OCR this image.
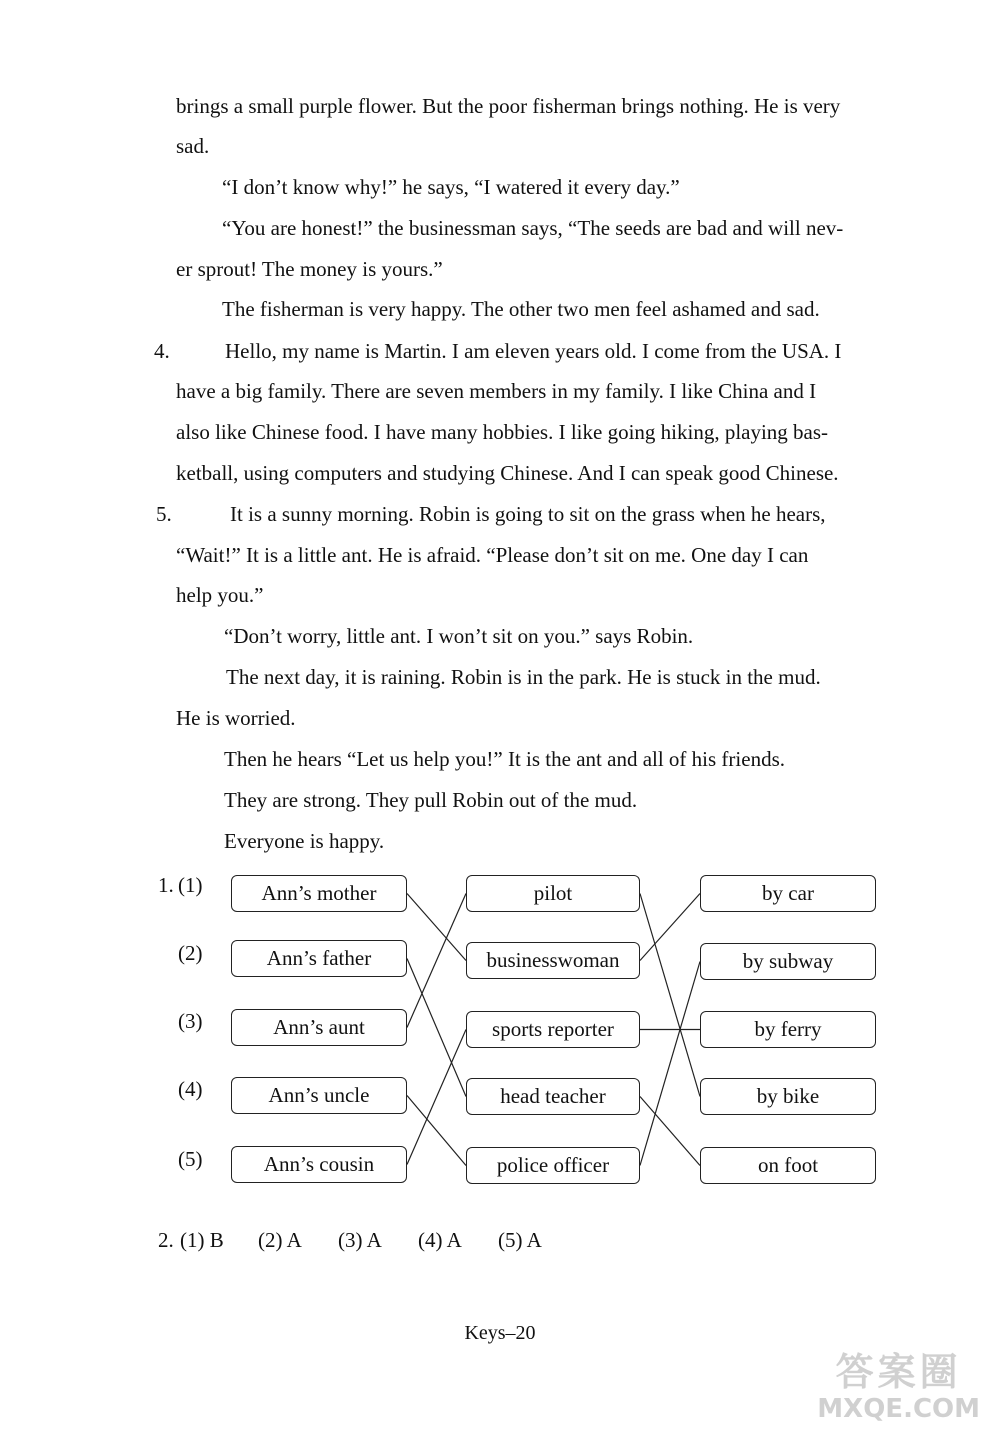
brings a small purple flower. But the poor fisherman brings nothing. He is very
sad.
“I don’t know why!” he says, “I watered it every day.”
“You are honest!” the businessman says, “The seeds are bad and will nev-
er sprout! The money is yours.”
The fisherman is very happy. The other two men feel ashamed and sad.
4.	Hello, my name is Martin. I am eleven years old. I come from the USA. I
have a big family. There are seven members in my family. I like China and I
also like Chinese food. I have many hobbies. I like going hiking, playing bas-
ketball, using computers and studying Chinese. And I can speak good Chinese.
5.	It is a sunny morning. Robin is going to sit on the grass when he hears,
“Wait!” It is a little ant. He is afraid. “Please don’t sit on me. One day I can
help you.”
“Don’t worry, little ant. I won’t sit on you.” says Robin.
The next day, it is raining. Robin is in the park. He is stuck in the mud.
He is worried.
Then he hears “Let us help you!” It is the ant and all of his friends.
They are strong. They pull Robin out of the mud.
Everyone is happy.
1. (1)
(2)
(3)
(4)
(5)
Ann’s mother
Ann’s father
Ann’s aunt
Ann’s uncle
Ann’s cousin
pilot
businesswoman
sports reporter
head teacher
police officer
by car
by subway
by ferry
by bike
on foot
2. (1) B (2) A (3) A (4) A (5) A
Keys–20
答案圈
MXQE.COM
